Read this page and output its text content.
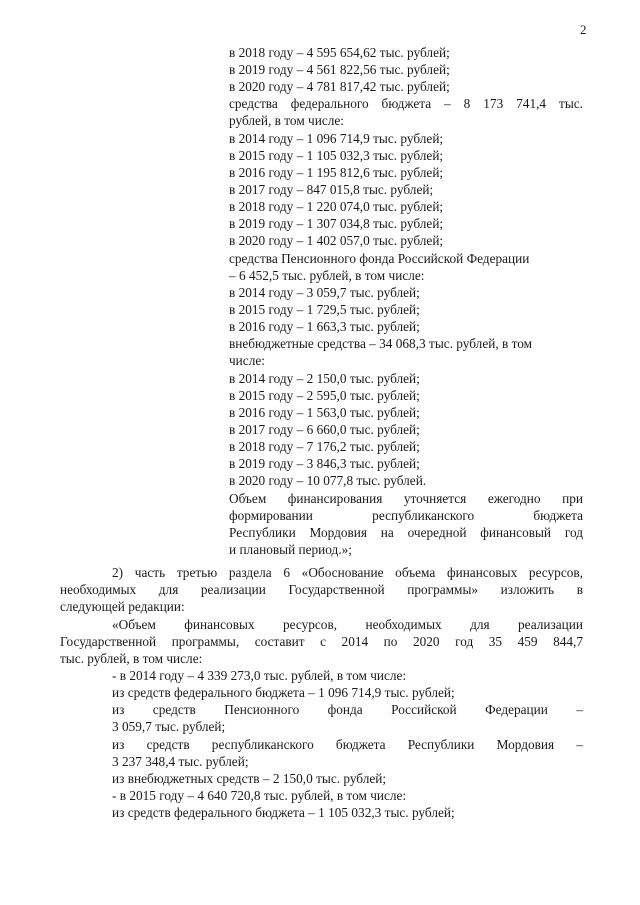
2
в 2018 году – 4 595 654,62 тыс. рублей;
в 2019 году – 4 561 822,56 тыс. рублей;
в 2020 году – 4 781 817,42 тыс. рублей;
средства федерального бюджета – 8 173 741,4 тыс.
рублей, в том числе:
в 2014 году – 1 096 714,9 тыс. рублей;
в 2015 году – 1 105 032,3 тыс. рублей;
в 2016 году – 1 195 812,6 тыс. рублей;
в 2017 году – 847 015,8 тыс. рублей;
в 2018 году – 1 220 074,0 тыс. рублей;
в 2019 году – 1 307 034,8 тыс. рублей;
в 2020 году – 1 402 057,0 тыс. рублей;
средства Пенсионного фонда Российской Федерации
– 6 452,5 тыс. рублей, в том числе:
в 2014 году – 3 059,7 тыс. рублей;
в 2015 году – 1 729,5 тыс. рублей;
в 2016 году – 1 663,3 тыс. рублей;
внебюджетные средства – 34 068,3 тыс. рублей, в том
числе:
в 2014 году – 2 150,0 тыс. рублей;
в 2015 году – 2 595,0 тыс. рублей;
в 2016 году – 1 563,0 тыс. рублей;
в 2017 году – 6 660,0 тыс. рублей;
в 2018 году – 7 176,2 тыс. рублей;
в 2019 году – 3 846,3 тыс. рублей;
в 2020 году – 10 077,8 тыс. рублей.
Объем финансирования уточняется ежегодно при
формировании республиканского бюджета
Республики Мордовия на очередной финансовый год
и плановый период.»;
2) часть третью раздела 6 «Обоснование объема финансовых ресурсов,
необходимых для реализации Государственной программы» изложить в
следующей редакции:
«Объем финансовых ресурсов, необходимых для реализации
Государственной программы, составит с 2014 по 2020 год 35 459 844,7
тыс. рублей, в том числе:
- в 2014 году – 4 339 273,0 тыс. рублей, в том числе:
из средств федерального бюджета – 1 096 714,9 тыс. рублей;
из средств Пенсионного фонда Российской Федерации –
3 059,7 тыс. рублей;
из средств республиканского бюджета Республики Мордовия –
3 237 348,4 тыс. рублей;
из внебюджетных средств – 2 150,0 тыс. рублей;
- в 2015 году – 4 640 720,8 тыс. рублей, в том числе:
из средств федерального бюджета – 1 105 032,3 тыс. рублей;
